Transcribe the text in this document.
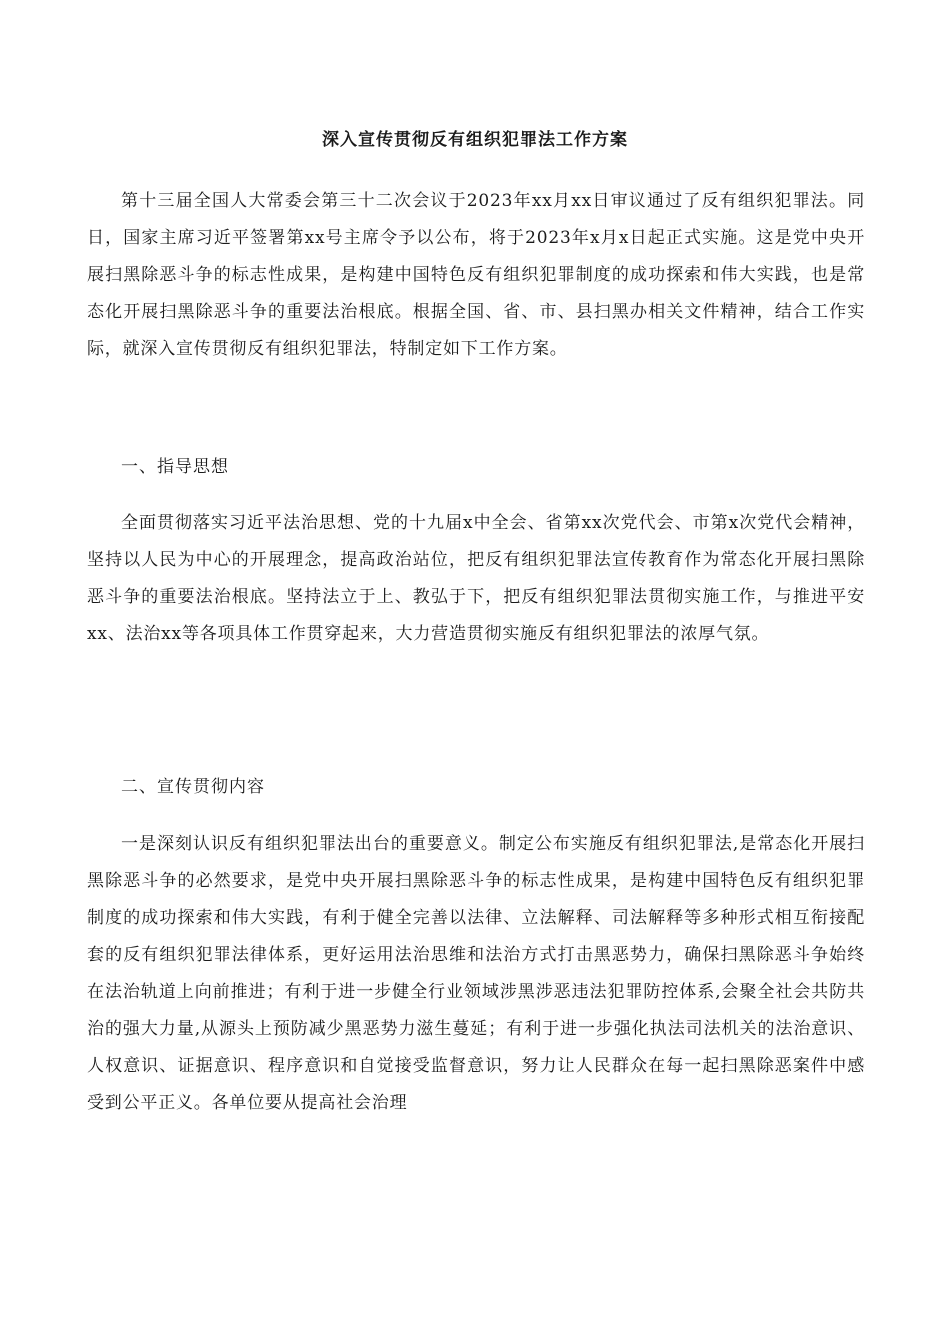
深入宣传贯彻反有组织犯罪法工作方案

第十三届全国人大常委会第三十二次会议于2023年xx月xx日审议通过了反有组织犯罪法。同日，国家主席习近平签署第xx号主席令予以公布，将于2023年x月x日起正式实施。这是党中央开展扫黑除恶斗争的标志性成果，是构建中国特色反有组织犯罪制度的成功探索和伟大实践，也是常态化开展扫黑除恶斗争的重要法治根底。根据全国、省、市、县扫黑办相关文件精神，结合工作实际，就深入宣传贯彻反有组织犯罪法，特制定如下工作方案。

一、指导思想

全面贯彻落实习近平法治思想、党的十九届x中全会、省第xx次党代会、市第x次党代会精神，坚持以人民为中心的开展理念，提高政治站位，把反有组织犯罪法宣传教育作为常态化开展扫黑除恶斗争的重要法治根底。坚持法立于上、教弘于下，把反有组织犯罪法贯彻实施工作，与推进平安xx、法治xx等各项具体工作贯穿起来，大力营造贯彻实施反有组织犯罪法的浓厚气氛。

二、宣传贯彻内容

一是深刻认识反有组织犯罪法出台的重要意义。制定公布实施反有组织犯罪法,是常态化开展扫黑除恶斗争的必然要求，是党中央开展扫黑除恶斗争的标志性成果，是构建中国特色反有组织犯罪制度的成功探索和伟大实践，有利于健全完善以法律、立法解释、司法解释等多种形式相互衔接配套的反有组织犯罪法律体系，更好运用法治思维和法治方式打击黑恶势力，确保扫黑除恶斗争始终在法治轨道上向前推进；有利于进一步健全行业领域涉黑涉恶违法犯罪防控体系,会聚全社会共防共治的强大力量,从源头上预防减少黑恶势力滋生蔓延；有利于进一步强化执法司法机关的法治意识、人权意识、证据意识、程序意识和自觉接受监督意识，努力让人民群众在每一起扫黑除恶案件中感受到公平正义。各单位要从提高社会治理
